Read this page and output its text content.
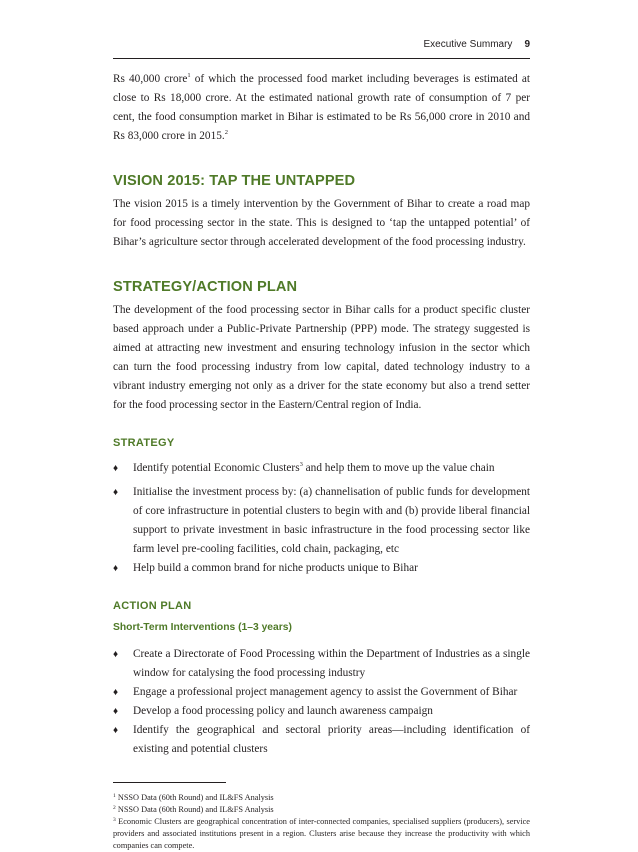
Executive Summary 9

Rs 40,000 crore$^1$ of which the processed food market including beverages is estimated at close to Rs 18,000 crore. At the estimated national growth rate of consumption of 7 per cent, the food consumption market in Bihar is estimated to be Rs 56,000 crore in 2010 and Rs 83,000 crore in 2015.$^2$

VISION 2015: TAP THE UNTAPPED

The vision 2015 is a timely intervention by the Government of Bihar to create a road map for food processing sector in the state. This is designed to ‘tap the untapped potential’ of Bihar’s agriculture sector through accelerated development of the food processing industry.

STRATEGY/ACTION PLAN

The development of the food processing sector in Bihar calls for a product specific cluster based approach under a Public-Private Partnership (PPP) mode. The strategy suggested is aimed at attracting new investment and ensuring technology infusion in the sector which can turn the food processing industry from low capital, dated technology industry to a vibrant industry emerging not only as a driver for the state economy but also a trend setter for the food processing sector in the Eastern/Central region of India.

STRATEGY
♦ Identify potential Economic Clusters$^3$ and help them to move up the value chain
♦ Initialise the investment process by: (a) channelisation of public funds for development of core infrastructure in potential clusters to begin with and (b) provide liberal financial support to private investment in basic infrastructure in the food processing sector like farm level pre-cooling facilities, cold chain, packaging, etc
♦ Help build a common brand for niche products unique to Bihar
ACTION PLAN
Short-Term Interventions (1–3 years)
♦ Create a Directorate of Food Processing within the Department of Industries as a single window for catalysing the food processing industry
♦ Engage a professional project management agency to assist the Government of Bihar
♦ Develop a food processing policy and launch awareness campaign
♦ Identify the geographical and sectoral priority areas—including identification of existing and potential clusters

$^1$ NSSO Data (60th Round) and IL&FS Analysis

$^2$ NSSO Data (60th Round) and IL&FS Analysis

$^3$ Economic Clusters are geographical concentration of inter-connected companies, specialised suppliers (producers), service providers and associated institutions present in a region. Clusters arise because they increase the productivity with which companies can compete.
